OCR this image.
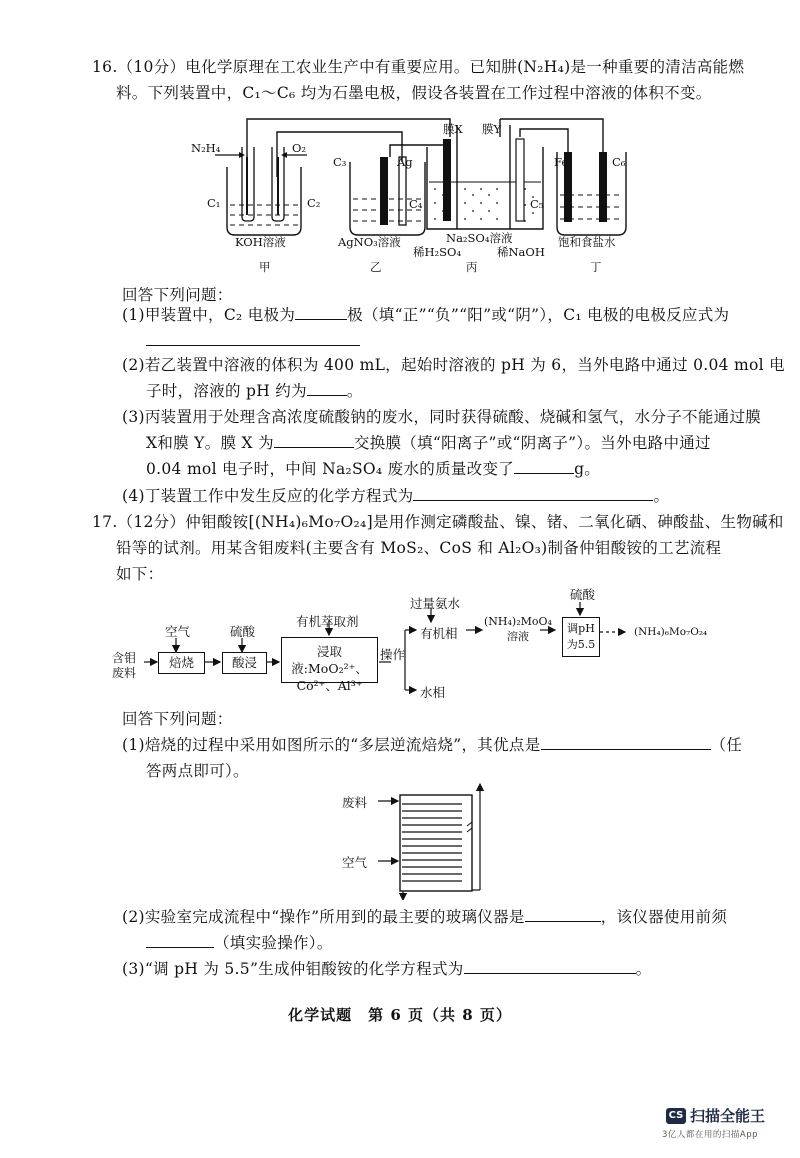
16.（10分）电化学原理在工农业生产中有重要应用。已知肼(N₂H₄)是一种重要的清洁高能燃
料。下列装置中，C₁～C₆ 均为石墨电极，假设各装置在工作过程中溶液的体积不变。
N₂H₄	O₂
C₁	C₂
C₃	Ag
膜X 膜Y
C₄	C₅
Fe	C₆
KOH溶液	AgNO₃溶液	Na₂SO₄溶液
稀H₂SO₄	稀NaOH
饱和食盐水
甲	乙	丙	丁
回答下列问题：
(1)甲装置中，C₂ 电极为	极（填“正”“负”“阳”或“阴”），C₁ 电极的电极反应式为
(2)若乙装置中溶液的体积为 400 mL，起始时溶液的 pH 为 6，当外电路中通过 0.04 mol 电
子时，溶液的 pH 约为	。
(3)丙装置用于处理含高浓度硫酸钠的废水，同时获得硫酸、烧碱和氢气，水分子不能通过膜
X和膜 Y。膜 X 为	交换膜（填“阳离子”或“阴离子”）。当外电路中通过
0.04 mol 电子时，中间 Na₂SO₄ 废水的质量改变了	g。
(4)丁装置工作中发生反应的化学方程式为	。
17.（12分）仲钼酸铵[(NH₄)₆Mo₇O₂₄]是用作测定磷酸盐、镍、锗、二氧化硒、砷酸盐、生物碱和
铅等的试剂。用某含钼废料(主要含有 MoS₂、CoS 和 Al₂O₃)制备仲钼酸铵的工艺流程
如下：
含钼废料
空气
焙烧
硫酸
酸浸
有机萃取剂
浸取液:MoO₂²⁺、
Co²⁺、Al³⁺
操作
过量氨水
有机相
水相
(NH₄)₂MoO₄
溶液
硫酸
调pH
为5.5
(NH₄)₆Mo₇O₂₄
回答下列问题：
(1)焙烧的过程中采用如图所示的“多层逆流焙烧”，其优点是	（任
答两点即可）。
废料
空气
(2)实验室完成流程中“操作”所用到的最主要的玻璃仪器是	，该仪器使用前须
（填实验操作）。
(3)“调 pH 为 5.5”生成仲钼酸铵的化学方程式为	。
化学试题　第 6 页（共 8 页）
CS 扫描全能王
3亿人都在用的扫描App
